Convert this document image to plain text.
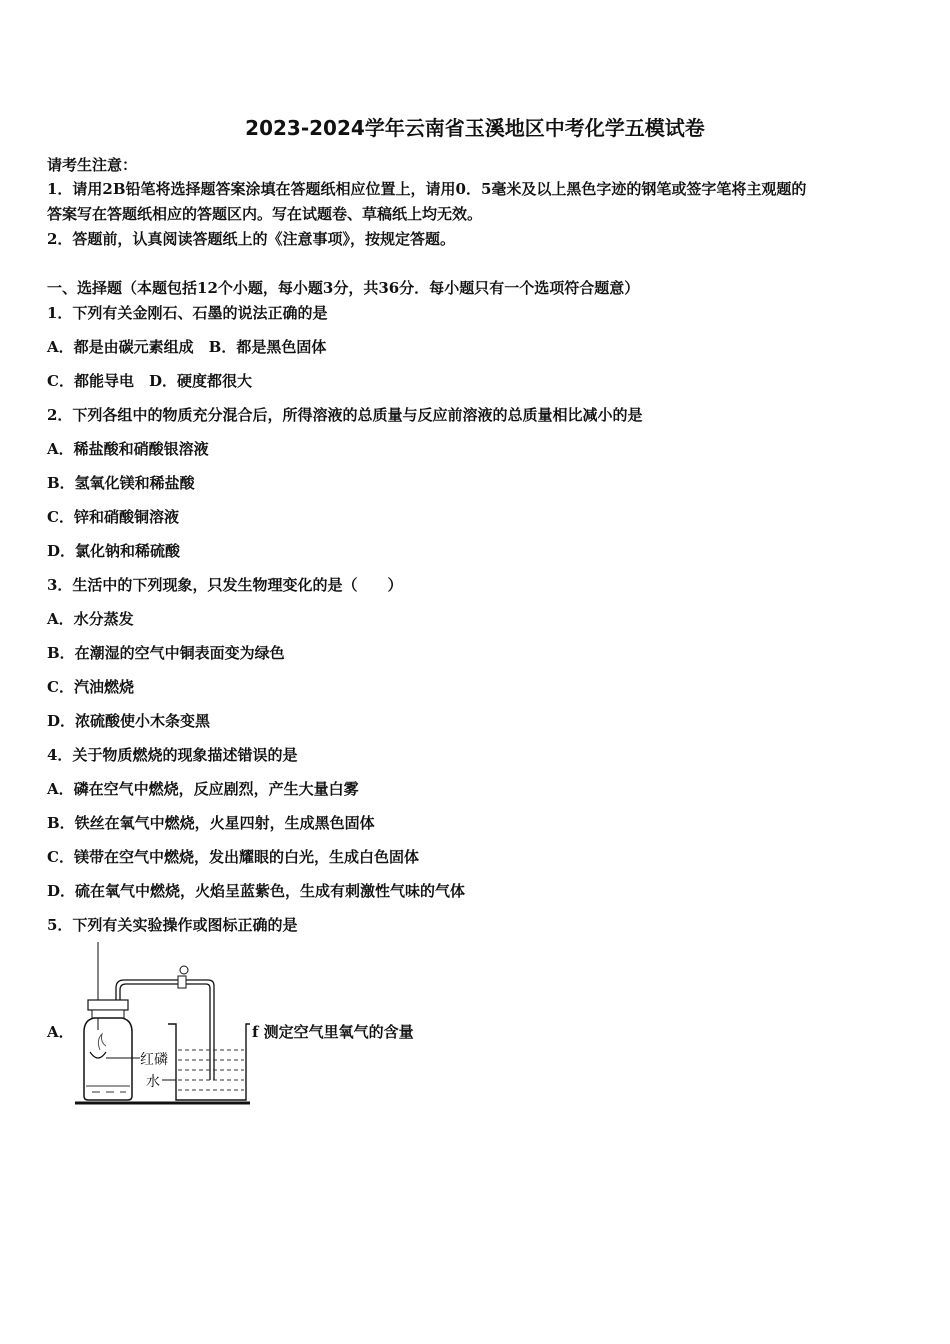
2023-2024学年云南省玉溪地区中考化学五模试卷
请考生注意：
1．请用2B铅笔将选择题答案涂填在答题纸相应位置上，请用0．5毫米及以上黑色字迹的钢笔或签字笔将主观题的
答案写在答题纸相应的答题区内。写在试题卷、草稿纸上均无效。
2．答题前，认真阅读答题纸上的《注意事项》，按规定答题。
一、选择题（本题包括12个小题，每小题3分，共36分．每小题只有一个选项符合题意）
1．下列有关金刚石、石墨的说法正确的是
A．都是由碳元素组成　B．都是黑色固体
C．都能导电　D．硬度都很大
2．下列各组中的物质充分混合后，所得溶液的总质量与反应前溶液的总质量相比减小的是
A．稀盐酸和硝酸银溶液
B．氢氧化镁和稀盐酸
C．锌和硝酸铜溶液
D．氯化钠和稀硫酸
3．生活中的下列现象，只发生物理变化的是（　　）
A．水分蒸发
B．在潮湿的空气中铜表面变为绿色
C．汽油燃烧
D．浓硫酸使小木条变黑
4．关于物质燃烧的现象描述错误的是
A．磷在空气中燃烧，反应剧烈，产生大量白雾
B．铁丝在氧气中燃烧，火星四射，生成黑色固体
C．镁带在空气中燃烧，发出耀眼的白光，生成白色固体
D．硫在氧气中燃烧，火焰呈蓝紫色，生成有刺激性气味的气体
5．下列有关实验操作或图标正确的是
A．
红磷
水
f 测定空气里氧气的含量
